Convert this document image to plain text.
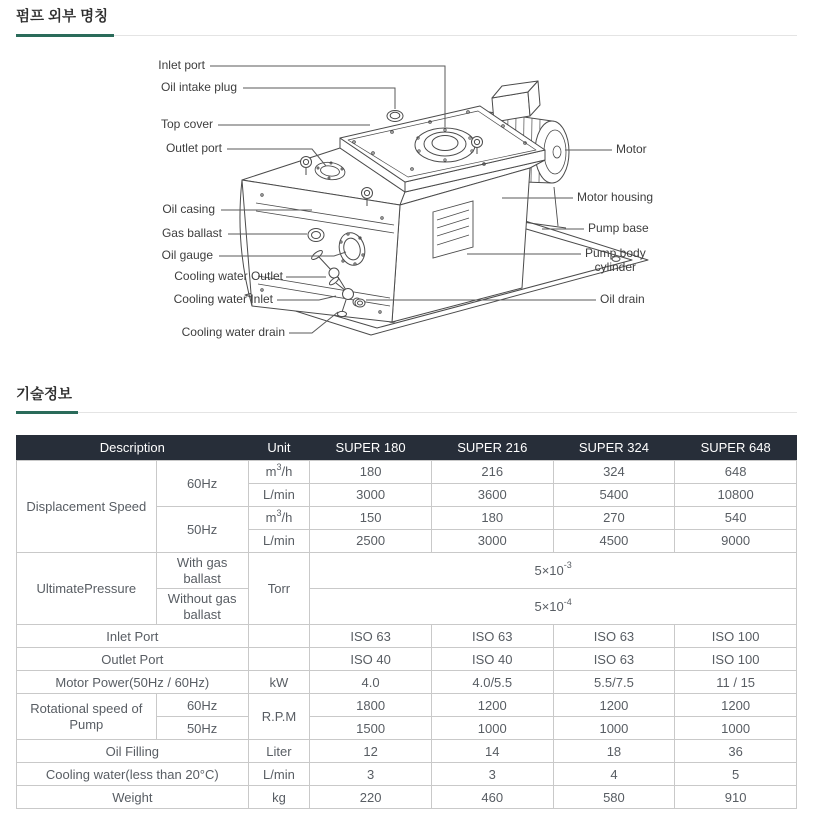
펌프 외부 명칭
Inlet port
Oil intake plug
Top cover
Outlet port
Oil casing
Gas ballast
Oil gauge
Cooling water Outlet
Cooling water Inlet
Cooling water drain
Motor
Motor housing
Pump base
Pump body
cylinder
Oil drain
기술정보
Description		Unit	SUPER 180	SUPER 216	SUPER 324	SUPER 648
Displacement Speed	60Hz	$m^3/h$	180	216	324	648
		L/min	3000	3600	5400	10800
	50Hz	$m^3/h$	150	180	270	540
		L/min	2500	3000	4500	9000
UltimatePressure	With gas ballast	Torr	$5\times 10^{-3}$
	Without gas ballast		$5\times 10^{-4}$
Inlet Port			ISO 63	ISO 63	ISO 63	ISO 100
Outlet Port			ISO 40	ISO 40	ISO 63	ISO 100
Motor Power(50Hz / 60Hz)		kW	4.0	4.0/5.5	5.5/7.5	11 / 15
Rotational speed of Pump	60Hz	R.P.M	1800	1200	1200	1200
	50Hz		1500	1000	1000	1000
Oil Filling		Liter	12	14	18	36
Cooling water(less than 20°C)		L/min	3	3	4	5
Weight		kg	220	460	580	910
